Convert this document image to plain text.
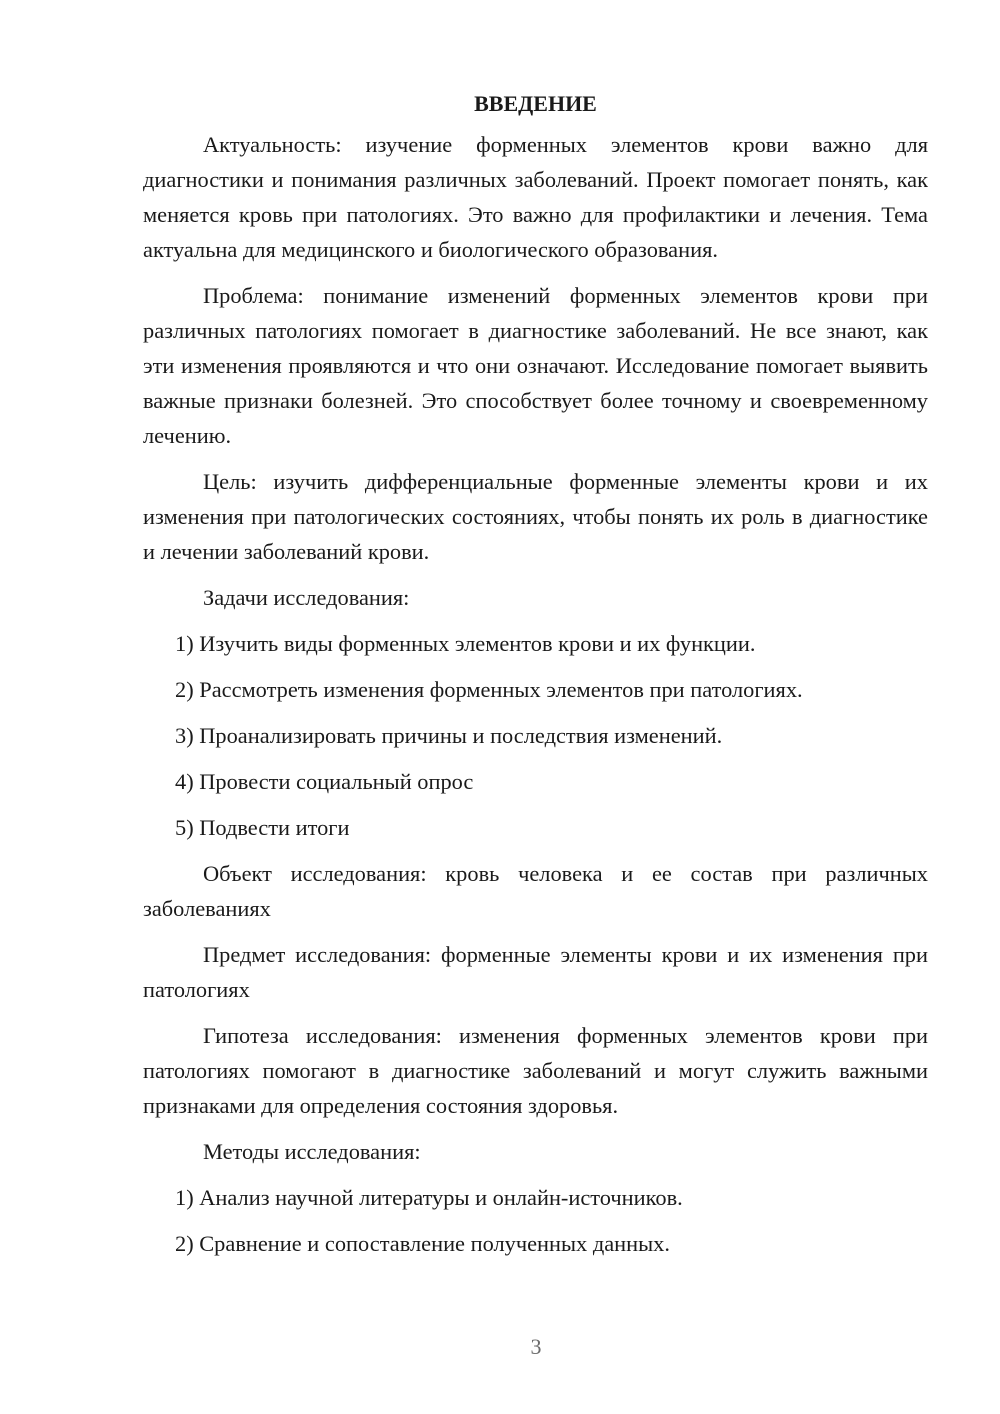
ВВЕДЕНИЕ

Актуальность: изучение форменных элементов крови важно для диагностики и понимания различных заболеваний. Проект помогает понять, как меняется кровь при патологиях. Это важно для профилактики и лечения. Тема актуальна для медицинского и биологического образования.

Проблема: понимание изменений форменных элементов крови при различных патологиях помогает в диагностике заболеваний. Не все знают, как эти изменения проявляются и что они означают. Исследование помогает выявить важные признаки болезней. Это способствует более точному и своевременному лечению.

Цель: изучить дифференциальные форменные элементы крови и их изменения при патологических состояниях, чтобы понять их роль в диагностике и лечении заболеваний крови.

Задачи исследования:

1) Изучить виды форменных элементов крови и их функции.
2) Рассмотреть изменения форменных элементов при патологиях.
3) Проанализировать причины и последствия изменений.
4) Провести социальный опрос
5) Подвести итоги

Объект исследования: кровь человека и ее состав при различных заболеваниях

Предмет исследования: форменные элементы крови и их изменения при патологиях

Гипотеза исследования: изменения форменных элементов крови при патологиях помогают в диагностике заболеваний и могут служить важными признаками для определения состояния здоровья.

Методы исследования:

1) Анализ научной литературы и онлайн-источников.
2) Сравнение и сопоставление полученных данных.
3
